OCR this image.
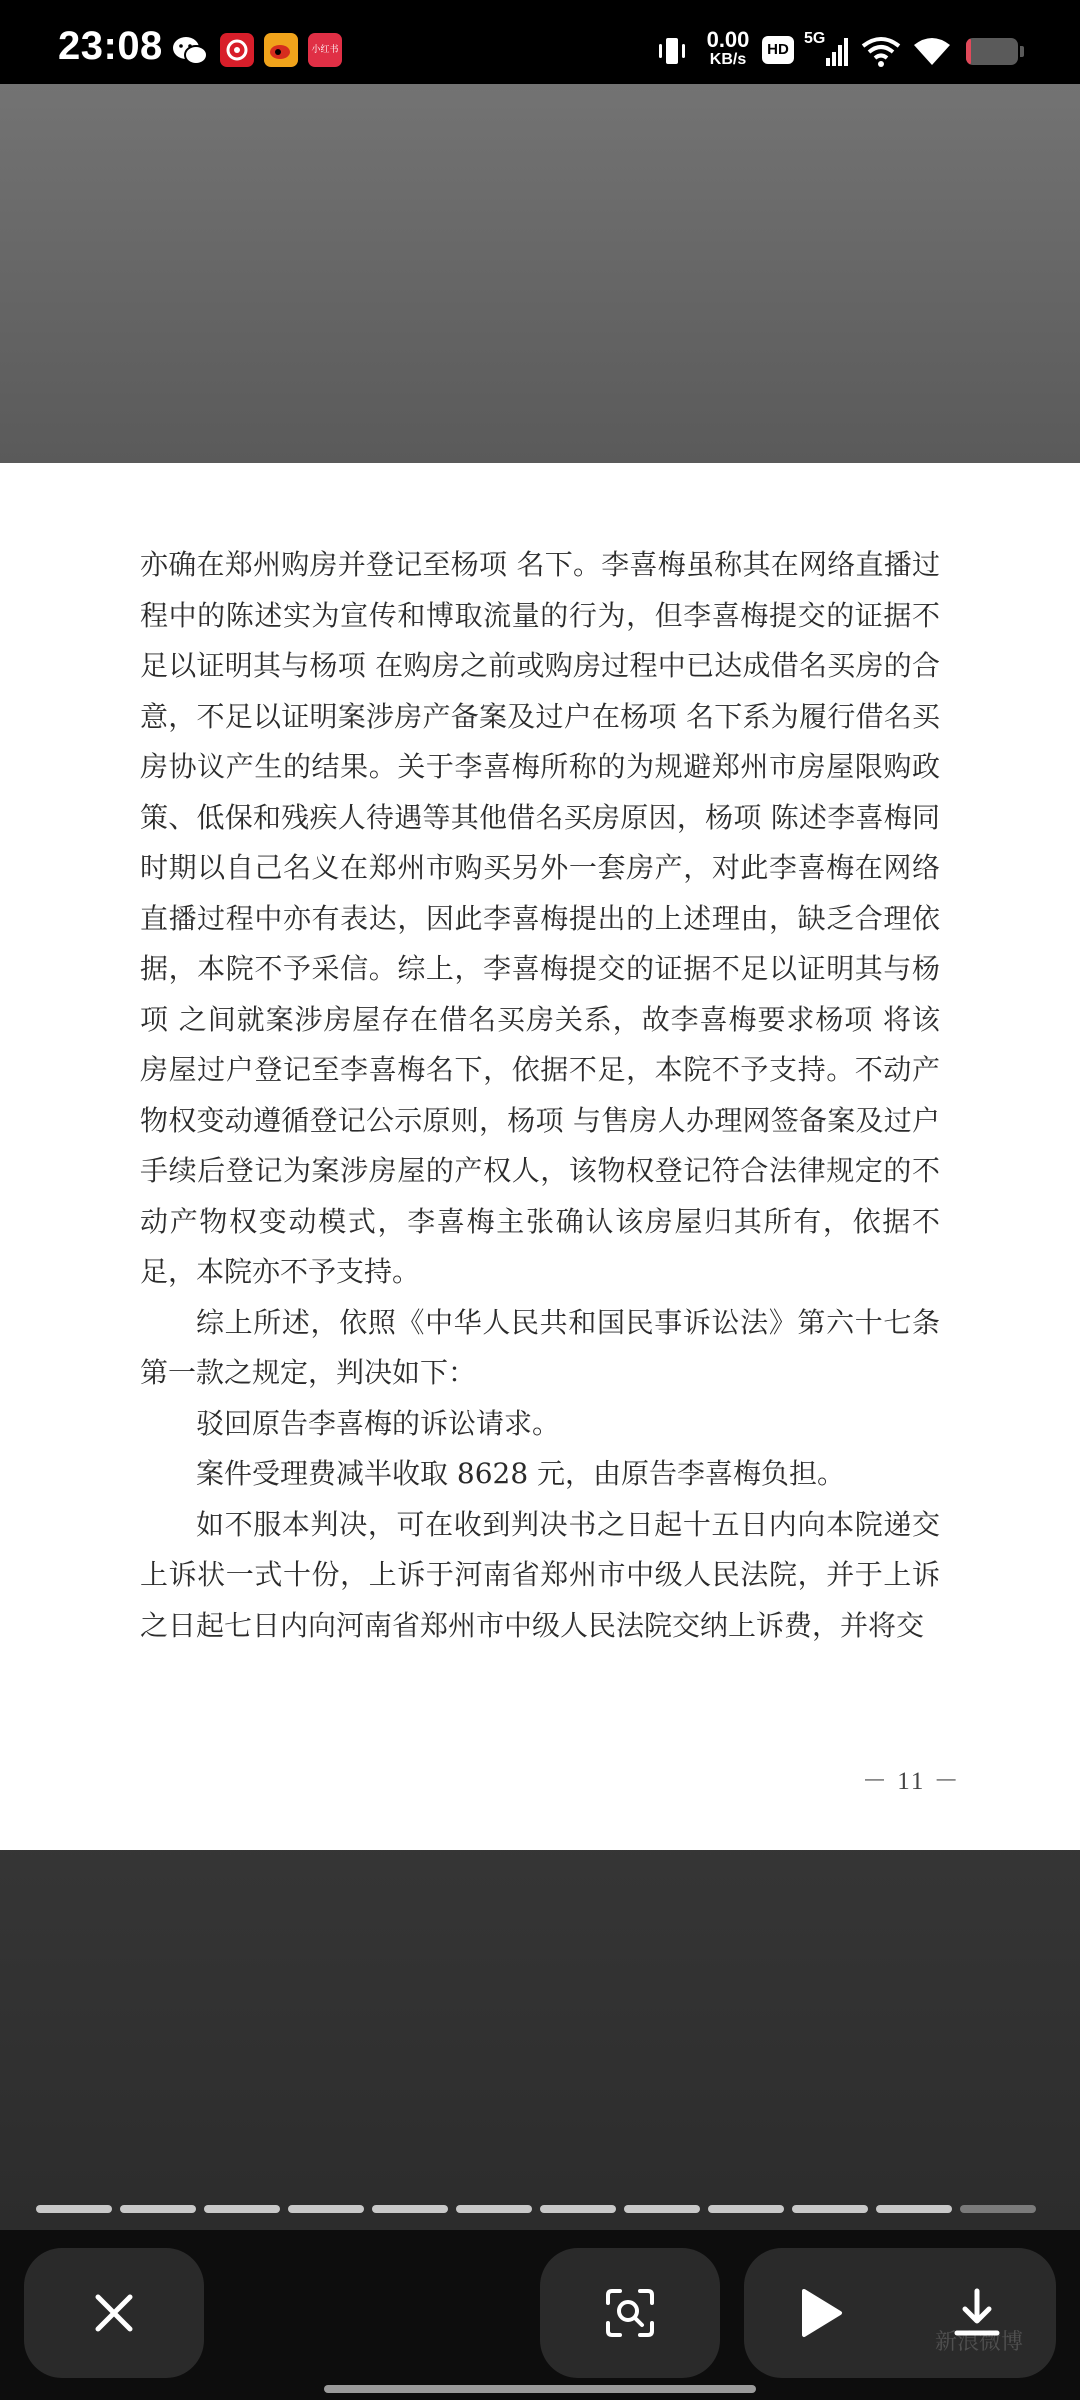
23:08	小红书	0.00
KB/s
HD
5G

亦确在郑州购房并登记至杨项 名下。李喜梅虽称其在网络直播过程中的陈述实为宣传和博取流量的行为，但李喜梅提交的证据不足以证明其与杨项 在购房之前或购房过程中已达成借名买房的合意，不足以证明案涉房产备案及过户在杨项 名下系为履行借名买房协议产生的结果。关于李喜梅所称的为规避郑州市房屋限购政策、低保和残疾人待遇等其他借名买房原因，杨项 陈述李喜梅同时期以自己名义在郑州市购买另外一套房产，对此李喜梅在网络直播过程中亦有表达，因此李喜梅提出的上述理由，缺乏合理依据，本院不予采信。综上，李喜梅提交的证据不足以证明其与杨项 之间就案涉房屋存在借名买房关系，故李喜梅要求杨项 将该房屋过户登记至李喜梅名下，依据不足，本院不予支持。不动产物权变动遵循登记公示原则，杨项 与售房人办理网签备案及过户手续后登记为案涉房屋的产权人，该物权登记符合法律规定的不动产物权变动模式，李喜梅主张确认该房屋归其所有，依据不足，本院亦不予支持。

综上所述，依照《中华人民共和国民事诉讼法》第六十七条第一款之规定，判决如下：

驳回原告李喜梅的诉讼请求。

案件受理费减半收取 8628 元，由原告李喜梅负担。

如不服本判决，可在收到判决书之日起十五日内向本院递交上诉状一式十份，上诉于河南省郑州市中级人民法院，并于上诉之日起七日内向河南省郑州市中级人民法院交纳上诉费，并将交

－ 11 －
新浪微博
